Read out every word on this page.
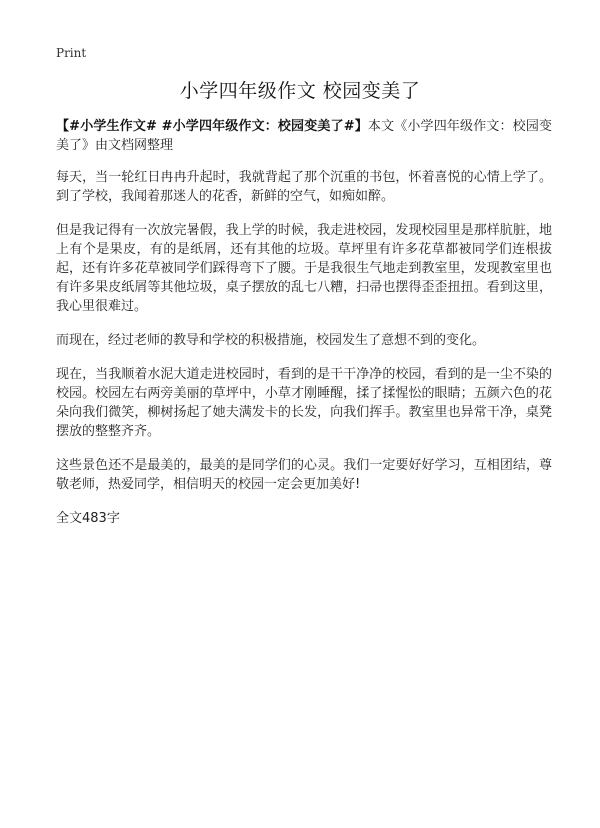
Print
小学四年级作文 校园变美了

【#小学生作文# #小学四年级作文：校园变美了#】本文《小学四年级作文：校园变美了》由文档网整理

每天，当一轮红日冉冉升起时，我就背起了那个沉重的书包，怀着喜悦的心情上学了。到了学校，我闻着那迷人的花香，新鲜的空气，如痴如醉。

但是我记得有一次放完暑假，我上学的时候，我走进校园，发现校园里是那样肮脏，地上有个是果皮，有的是纸屑，还有其他的垃圾。草坪里有许多花草都被同学们连根拔起，还有许多花草被同学们踩得弯下了腰。于是我很生气地走到教室里，发现教室里也有许多果皮纸屑等其他垃圾，桌子摆放的乱七八糟，扫帚也摆得歪歪扭扭。看到这里，我心里很难过。

而现在，经过老师的教导和学校的积极措施，校园发生了意想不到的变化。

现在，当我顺着水泥大道走进校园时，看到的是干干净净的校园，看到的是一尘不染的校园。校园左右两旁美丽的草坪中，小草才刚睡醒，揉了揉惺忪的眼睛；五颜六色的花朵向我们微笑，柳树扬起了她夫满发卡的长发，向我们挥手。教室里也异常干净，桌凳摆放的整整齐齐。

这些景色还不是最美的，最美的是同学们的心灵。我们一定要好好学习，互相团结，尊敬老师，热爱同学，相信明天的校园一定会更加美好!

全文483字
